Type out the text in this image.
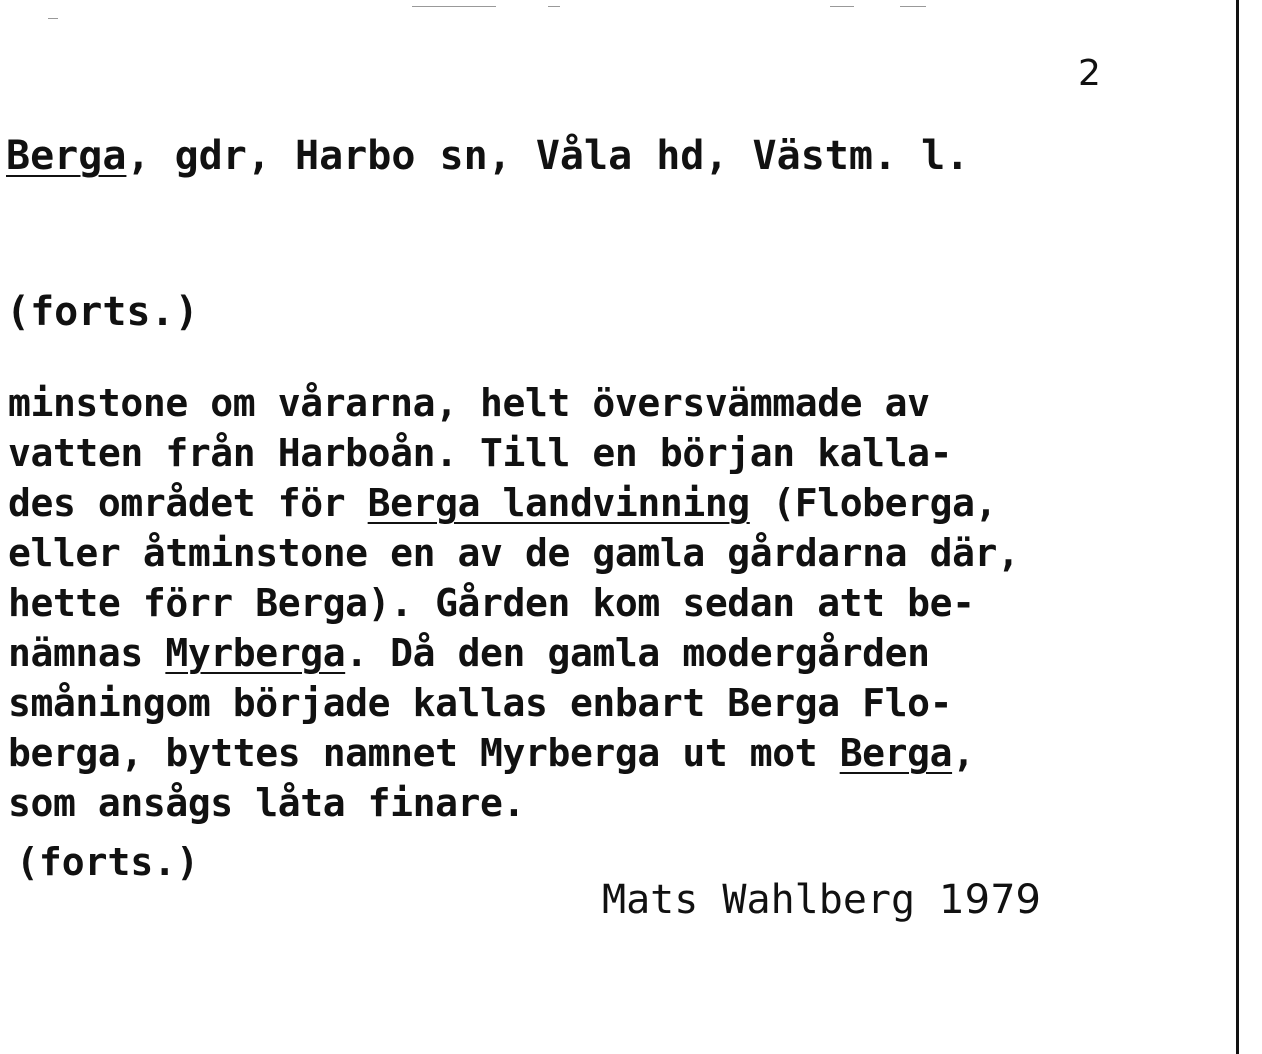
2
Berga, gdr, Harbo sn, Våla hd, Västm. l.
(forts.)
minstone om vårarna, helt översvämmade av
vatten från Harboån. Till en början kalla-
des området för Berga landvinning (Floberga,
eller åtminstone en av de gamla gårdarna där,
hette förr Berga). Gården kom sedan att be-
nämnas Myrberga. Då den gamla modergården
småningom började kallas enbart Berga Flo-
berga, byttes namnet Myrberga ut mot Berga,
som ansågs låta finare.
(forts.)
Mats Wahlberg 1979
